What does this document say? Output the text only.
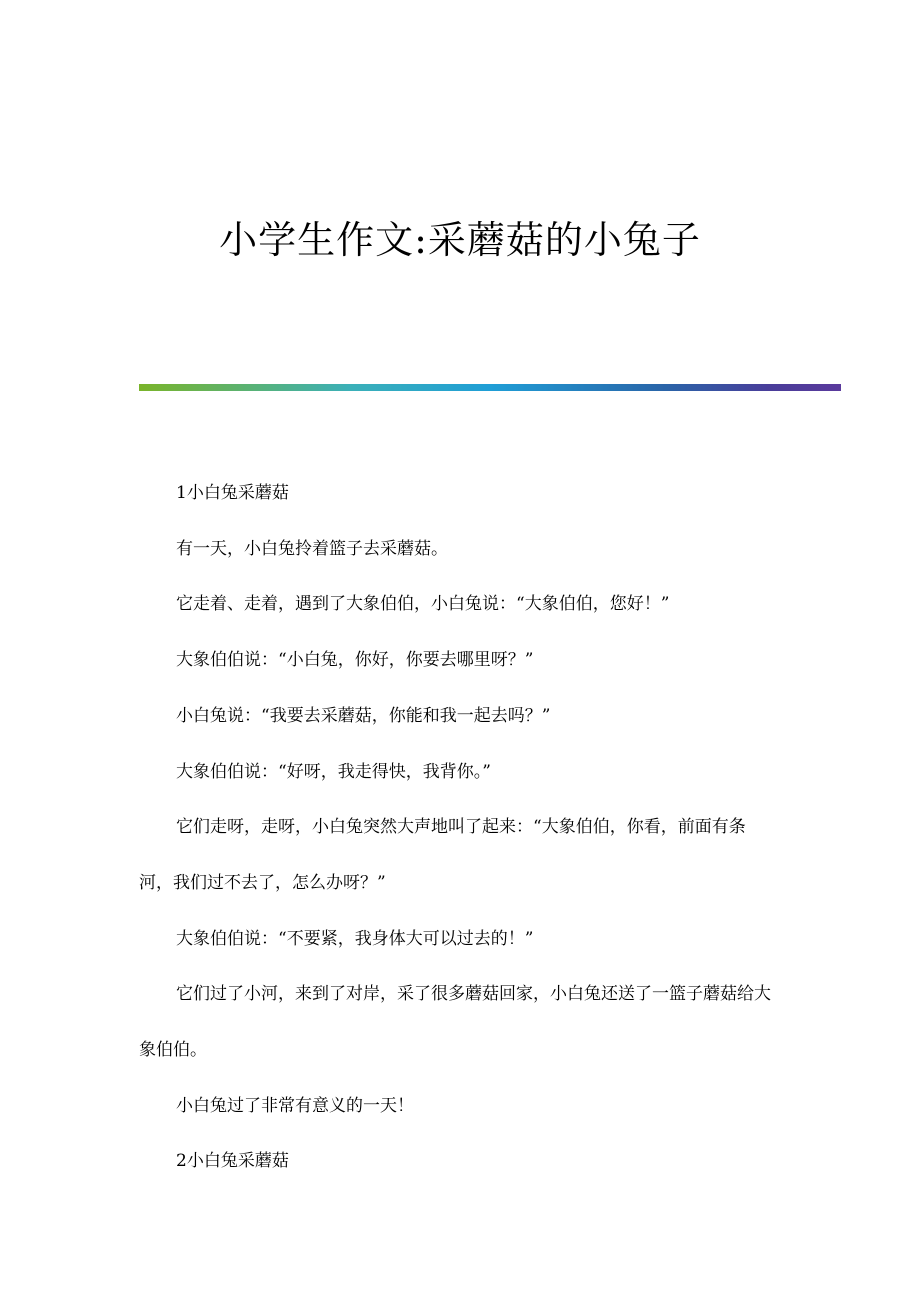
小学生作文:采蘑菇的小兔子

1小白兔采蘑菇

有一天，小白兔拎着篮子去采蘑菇。

它走着、走着，遇到了大象伯伯，小白兔说：“大象伯伯，您好！”

大象伯伯说：“小白兔，你好，你要去哪里呀？”

小白兔说：“我要去采蘑菇，你能和我一起去吗？”

大象伯伯说：“好呀，我走得快，我背你。”

它们走呀，走呀，小白兔突然大声地叫了起来：“大象伯伯，你看，前面有条河，我们过不去了，怎么办呀？”

大象伯伯说：“不要紧，我身体大可以过去的！”

它们过了小河，来到了对岸，采了很多蘑菇回家，小白兔还送了一篮子蘑菇给大象伯伯。

小白兔过了非常有意义的一天！

2小白兔采蘑菇
